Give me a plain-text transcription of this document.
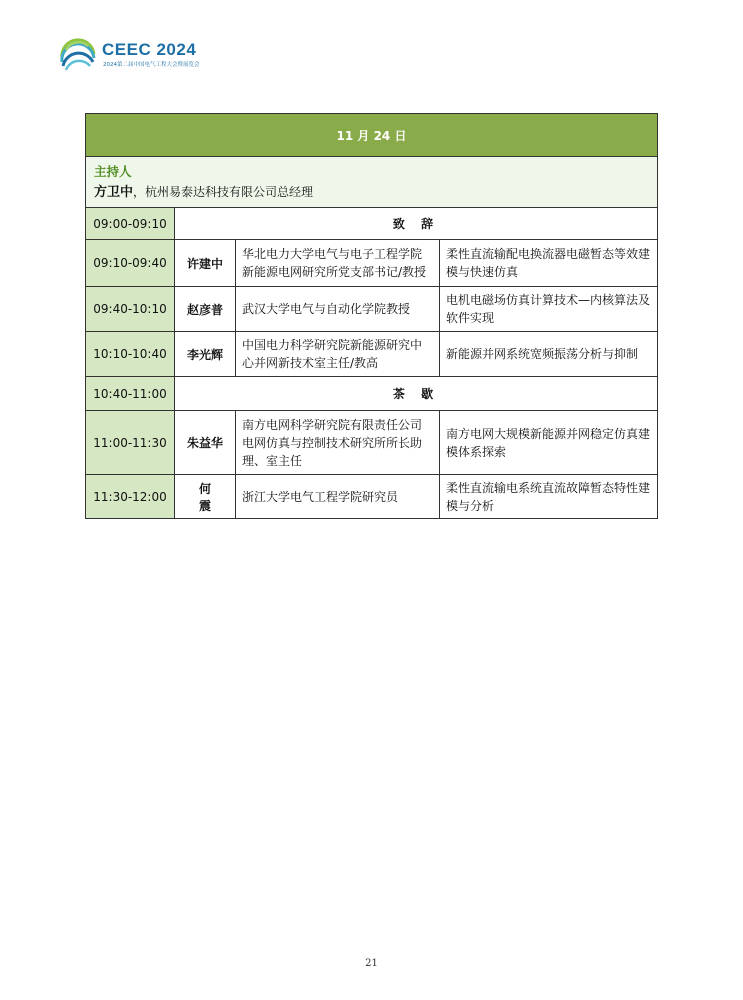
CEEC 2024
2024第二届中国电气工程大会暨展览会
11 月 24 日			

主持人
方卫中，杭州易泰达科技有限公司总经理			

09:00-09:10	致 辞		
09:10-09:40	许建中	华北电力大学电气与电子工程学院新能源电网研究所党支部书记/教授	柔性直流输配电换流器电磁暂态等效建模与快速仿真
09:40-10:10	赵彦普	武汉大学电气与自动化学院教授	电机电磁场仿真计算技术—内核算法及软件实现
10:10-10:40	李光辉	中国电力科学研究院新能源研究中心并网新技术室主任/教高	新能源并网系统宽频振荡分析与抑制
10:40-11:00	茶 歇		
11:00-11:30	朱益华	南方电网科学研究院有限责任公司电网仿真与控制技术研究所所长助理、室主任	南方电网大规模新能源并网稳定仿真建模体系探索
11:30-12:00	何 震	浙江大学电气工程学院研究员	柔性直流输电系统直流故障暂态特性建模与分析
21
